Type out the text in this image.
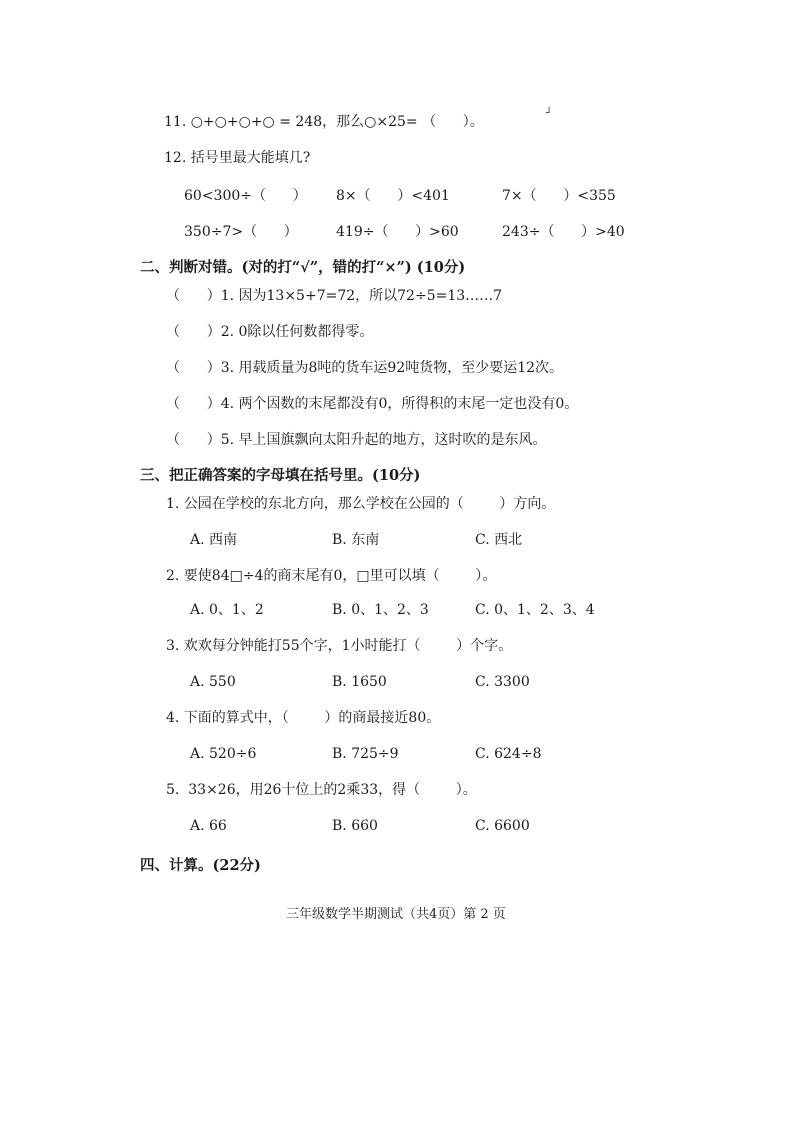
┘
11. ○+○+○+○ = 248，那么○×25= （      ）。
12. 括号里最大能填几?
60<300÷（      ） 8×（      ）<401	7×（      ）<355
350÷7>（      ）	419÷（      ）>60	243÷（      ）>40
二、判断对错。(对的打“√”，错的打“×”) (10分)
（      ）1. 因为13×5+7=72，所以72÷5=13……7
（      ）2. 0除以任何数都得零。
（      ）3. 用载质量为8吨的货车运92吨货物，至少要运12次。
（      ）4. 两个因数的末尾都没有0，所得积的末尾一定也没有0。
（      ）5. 早上国旗飘向太阳升起的地方，这时吹的是东风。
三、把正确答案的字母填在括号里。(10分)
1. 公园在学校的东北方向，那么学校在公园的（        ）方向。
A. 西南	B. 东南	C. 西北
2. 要使84□÷4的商末尾有0，□里可以填（        ）。
A. 0、1、2	B. 0、1、2、3	C. 0、1、2、3、4
3. 欢欢每分钟能打55个字，1小时能打（        ）个字。
A. 550	B. 1650	C. 3300
4. 下面的算式中，（        ）的商最接近80。
A. 520÷6	B. 725÷9	C. 624÷8
5.  33×26，用26十位上的2乘33，得（        ）。
A. 66	B. 660	C. 6600
四、计算。(22分)
三年级数学半期测试（共4页）第 2 页
